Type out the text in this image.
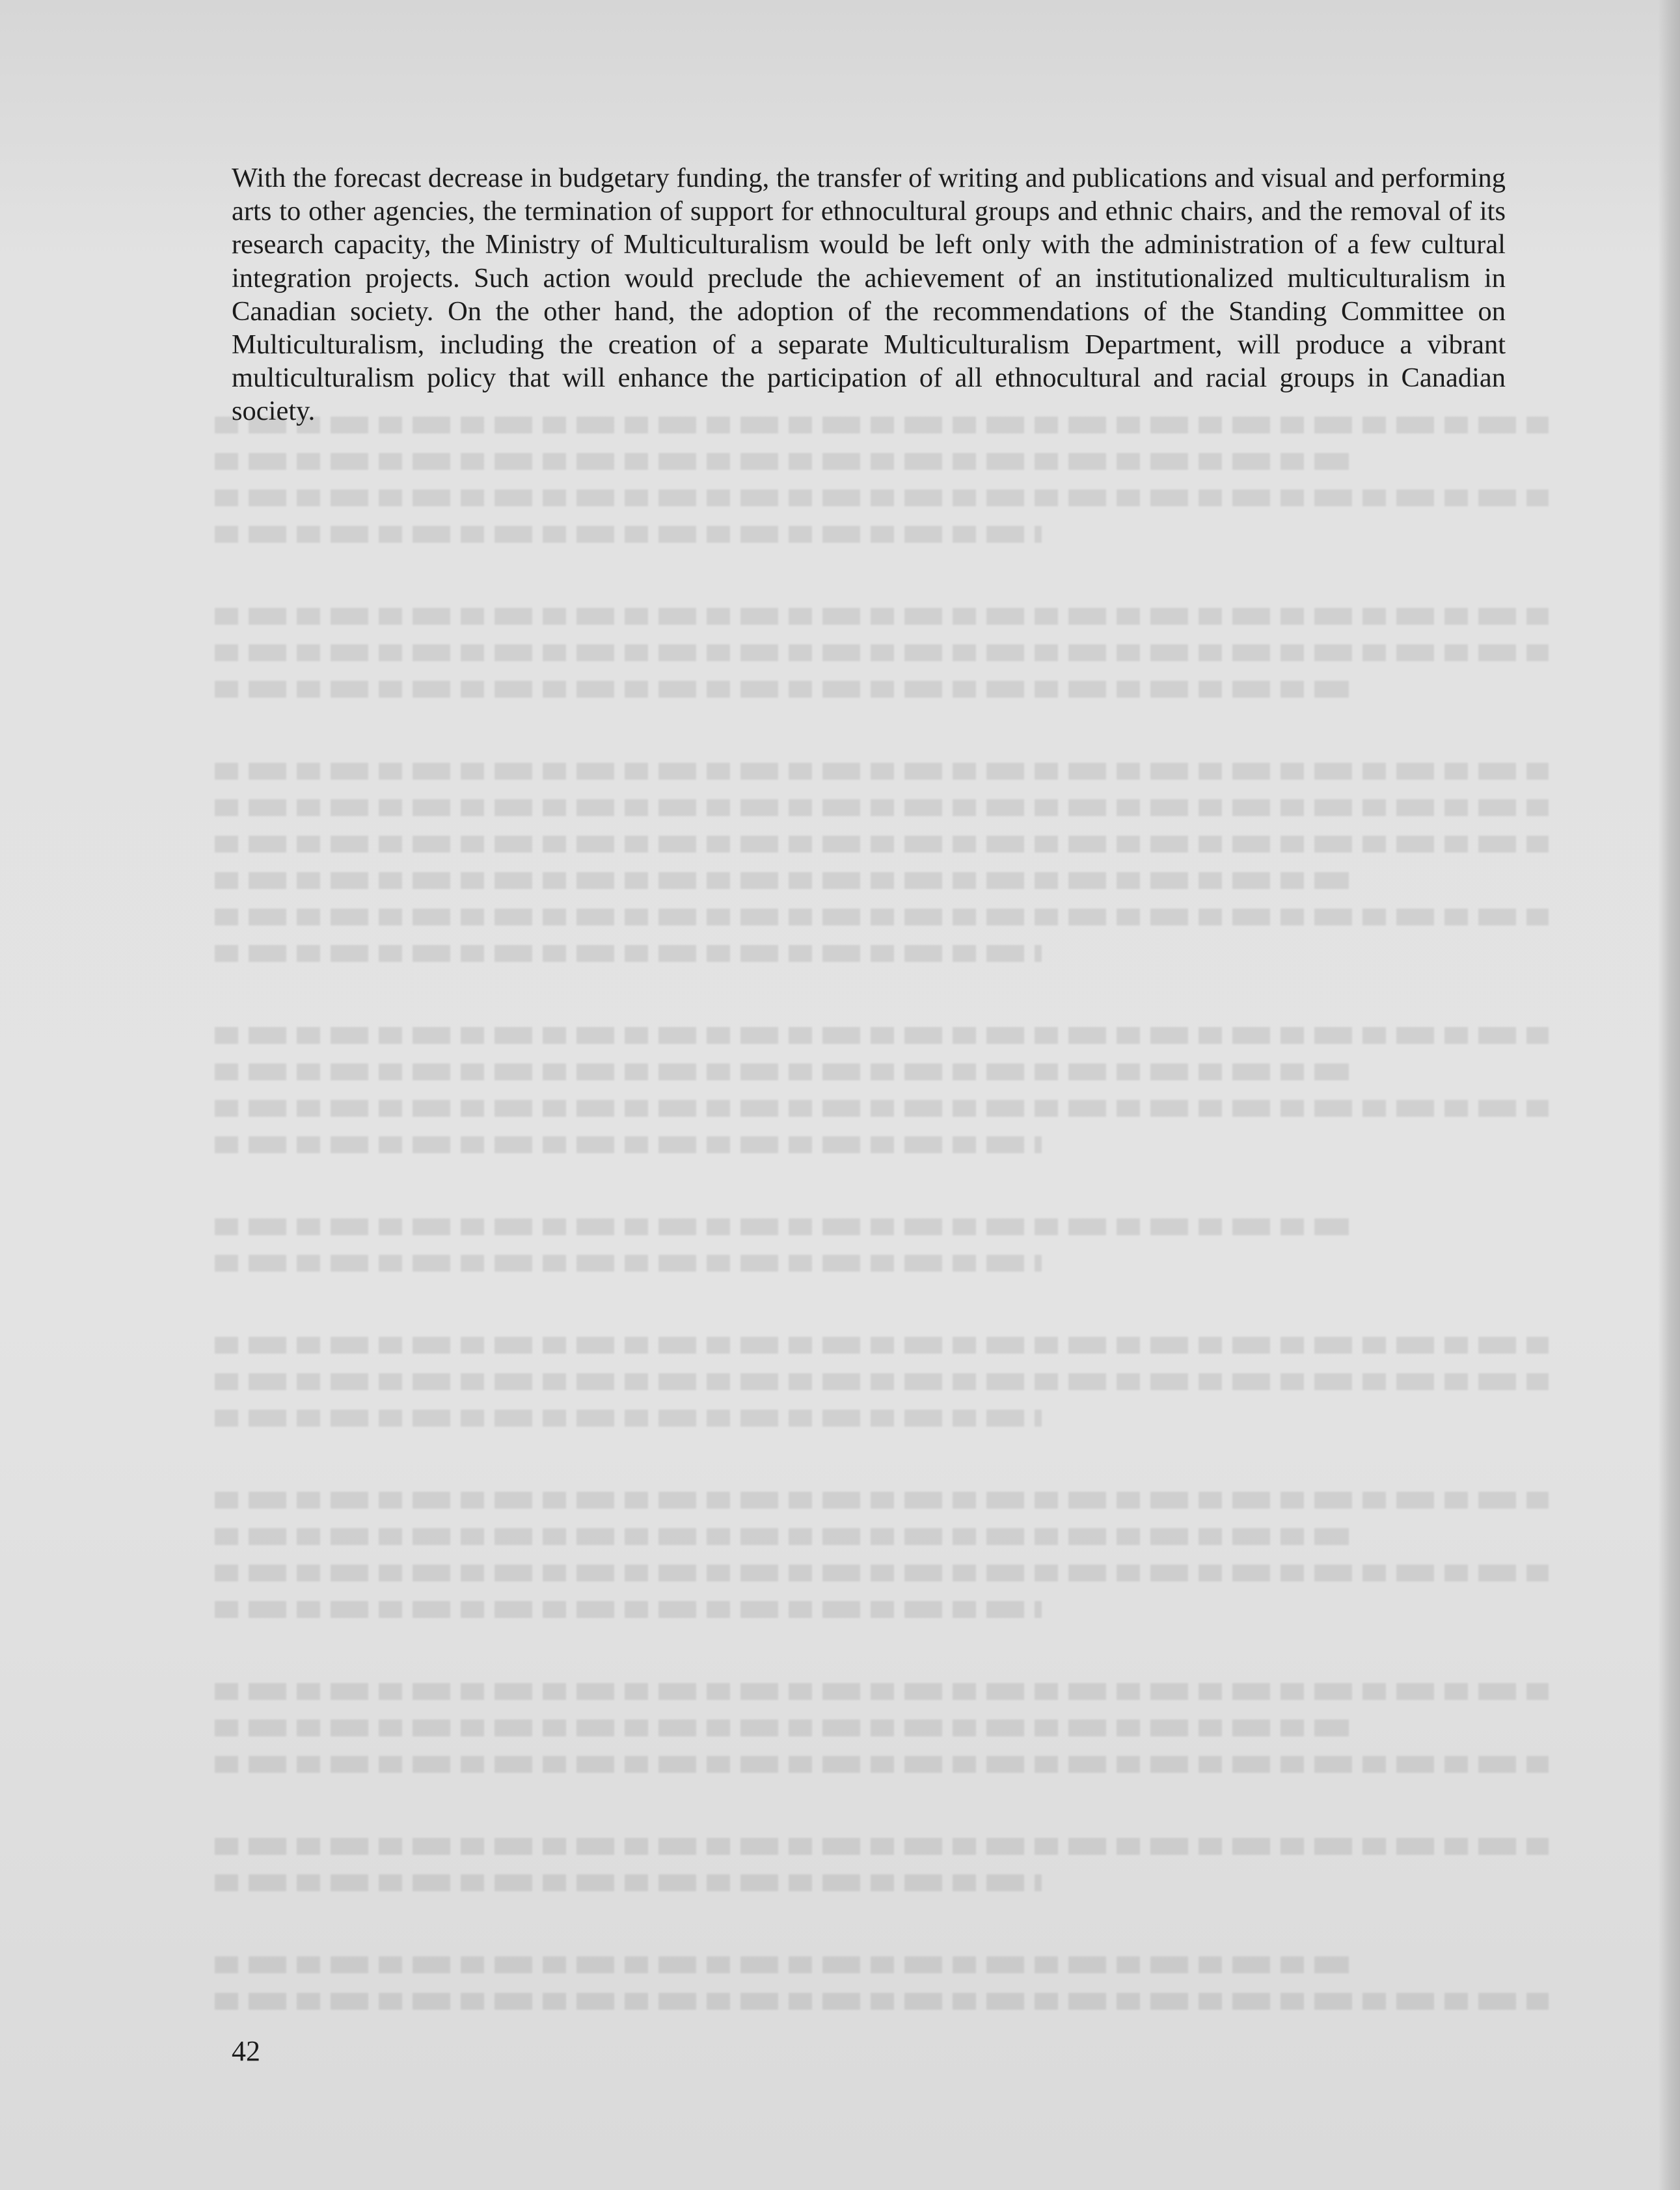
With the forecast decrease in budgetary funding, the transfer of writing and publications and visual and performing arts to other agencies, the termination of support for ethnocultural groups and ethnic chairs, and the removal of its research capacity, the Ministry of Multiculturalism would be left only with the administration of a few cultural integration projects. Such action would preclude the achievement of an institutionalized multiculturalism in Canadian society. On the other hand, the adoption of the recommendations of the Standing Committee on Multiculturalism, including the creation of a separate Multiculturalism Department, will produce a vibrant multiculturalism policy that will enhance the participation of all ethnocultural and racial groups in Canadian society.

42
